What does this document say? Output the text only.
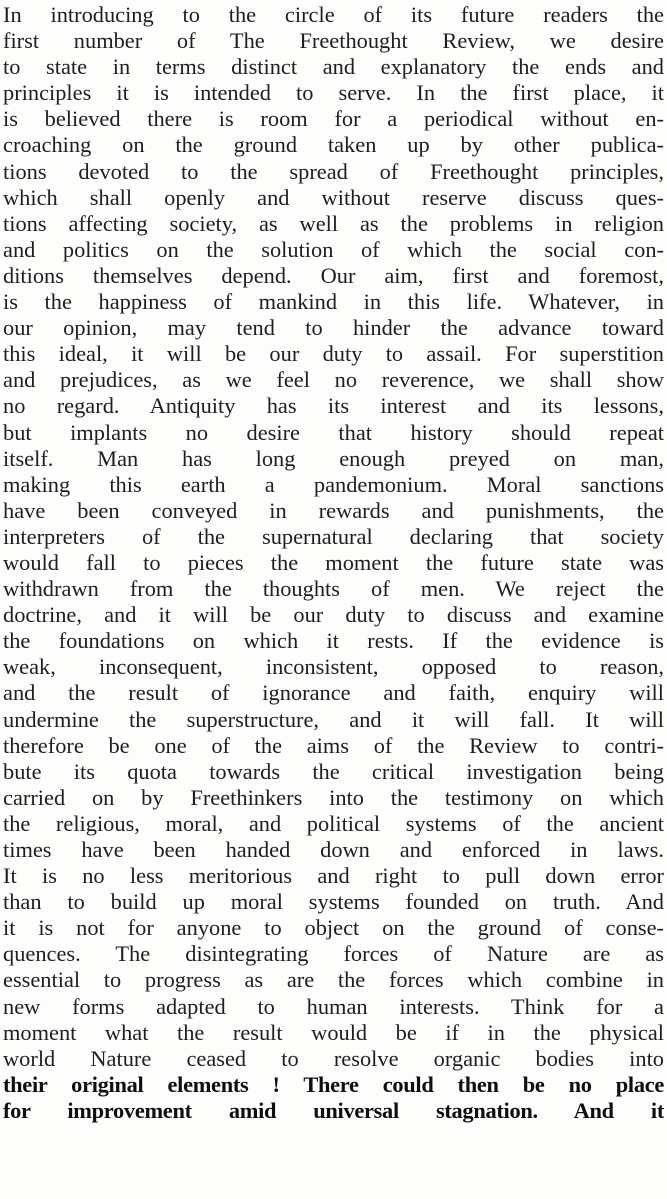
In introducing to the circle of its future readers the
first number of The Freethought Review, we desire
to state in terms distinct and explanatory the ends and
principles it is intended to serve. In the first place, it
is believed there is room for a periodical without en-
croaching on the ground taken up by other publica-
tions devoted to the spread of Freethought principles,
which shall openly and without reserve discuss ques-
tions affecting society, as well as the problems in religion
and politics on the solution of which the social con-
ditions themselves depend. Our aim, first and foremost,
is the happiness of mankind in this life. Whatever, in
our opinion, may tend to hinder the advance toward
this ideal, it will be our duty to assail. For superstition
and prejudices, as we feel no reverence, we shall show
no regard. Antiquity has its interest and its lessons,
but implants no desire that history should repeat
itself. Man has long enough preyed on man,
making this earth a pandemonium. Moral sanctions
have been conveyed in rewards and punishments, the
interpreters of the supernatural declaring that society
would fall to pieces the moment the future state was
withdrawn from the thoughts of men. We reject the
doctrine, and it will be our duty to discuss and examine
the foundations on which it rests. If the evidence is
weak, inconsequent, inconsistent, opposed to reason,
and the result of ignorance and faith, enquiry will
undermine the superstructure, and it will fall. It will
therefore be one of the aims of the Review to contri-
bute its quota towards the critical investigation being
carried on by Freethinkers into the testimony on which
the religious, moral, and political systems of the ancient
times have been handed down and enforced in laws.
It is no less meritorious and right to pull down error
than to build up moral systems founded on truth. And
it is not for anyone to object on the ground of conse-
quences. The disintegrating forces of Nature are as
essential to progress as are the forces which combine in
new forms adapted to human interests. Think for a
moment what the result would be if in the physical
world Nature ceased to resolve organic bodies into
their original elements ! There could then be no place
for improvement amid universal stagnation. And it
